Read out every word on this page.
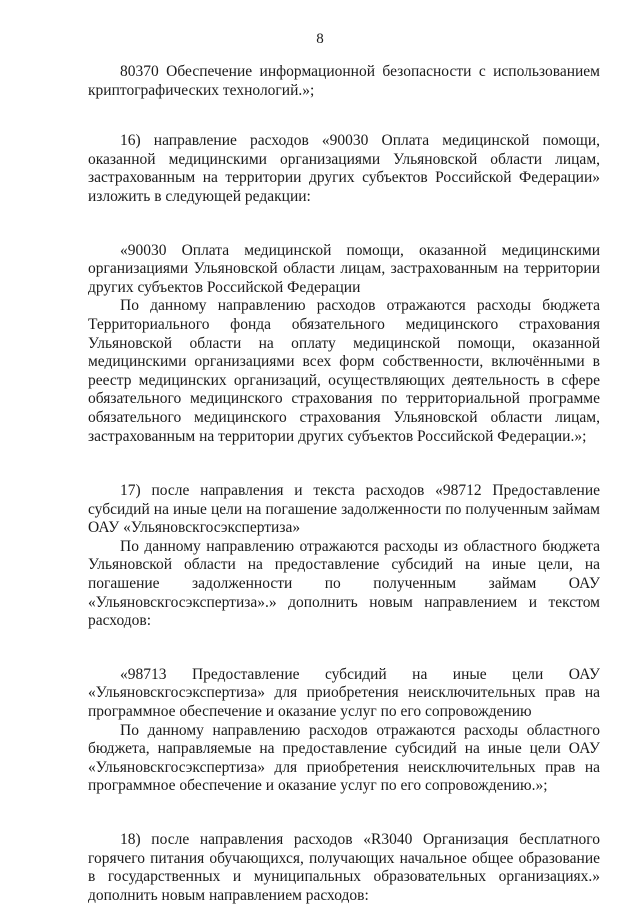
8

80370 Обеспечение информационной безопасности с использованием криптографических технологий.»;

16) направление расходов «90030 Оплата медицинской помощи, оказанной медицинскими организациями Ульяновской области лицам, застрахованным на территории других субъектов Российской Федерации» изложить в следующей редакции:

«90030 Оплата медицинской помощи, оказанной медицинскими организациями Ульяновской области лицам, застрахованным на территории других субъектов Российской Федерации

По данному направлению расходов отражаются расходы бюджета Территориального фонда обязательного медицинского страхования Ульяновской области на оплату медицинской помощи, оказанной медицинскими организациями всех форм собственности, включёнными в реестр медицинских организаций, осуществляющих деятельность в сфере обязательного медицинского страхования по территориальной программе обязательного медицинского страхования Ульяновской области лицам, застрахованным на территории других субъектов Российской Федерации.»;

17) после направления и текста расходов «98712 Предоставление субсидий на иные цели на погашение задолженности по полученным займам ОАУ «Ульяновскгосэкспертиза»

По данному направлению отражаются расходы из областного бюджета Ульяновской области на предоставление субсидий на иные цели, на погашение задолженности по полученным займам ОАУ «Ульяновскгосэкспертиза».» дополнить новым направлением и текстом расходов:

«98713 Предоставление субсидий на иные цели ОАУ «Ульяновскгосэкспертиза» для приобретения неисключительных прав на программное обеспечение и оказание услуг по его сопровождению

По данному направлению расходов отражаются расходы областного бюджета, направляемые на предоставление субсидий на иные цели ОАУ «Ульяновскгосэкспертиза» для приобретения неисключительных прав на программное обеспечение и оказание услуг по его сопровождению.»;

18) после направления расходов «R3040 Организация бесплатного горячего питания обучающихся, получающих начальное общее образование в государственных и муниципальных образовательных организациях.» дополнить новым направлением расходов:
